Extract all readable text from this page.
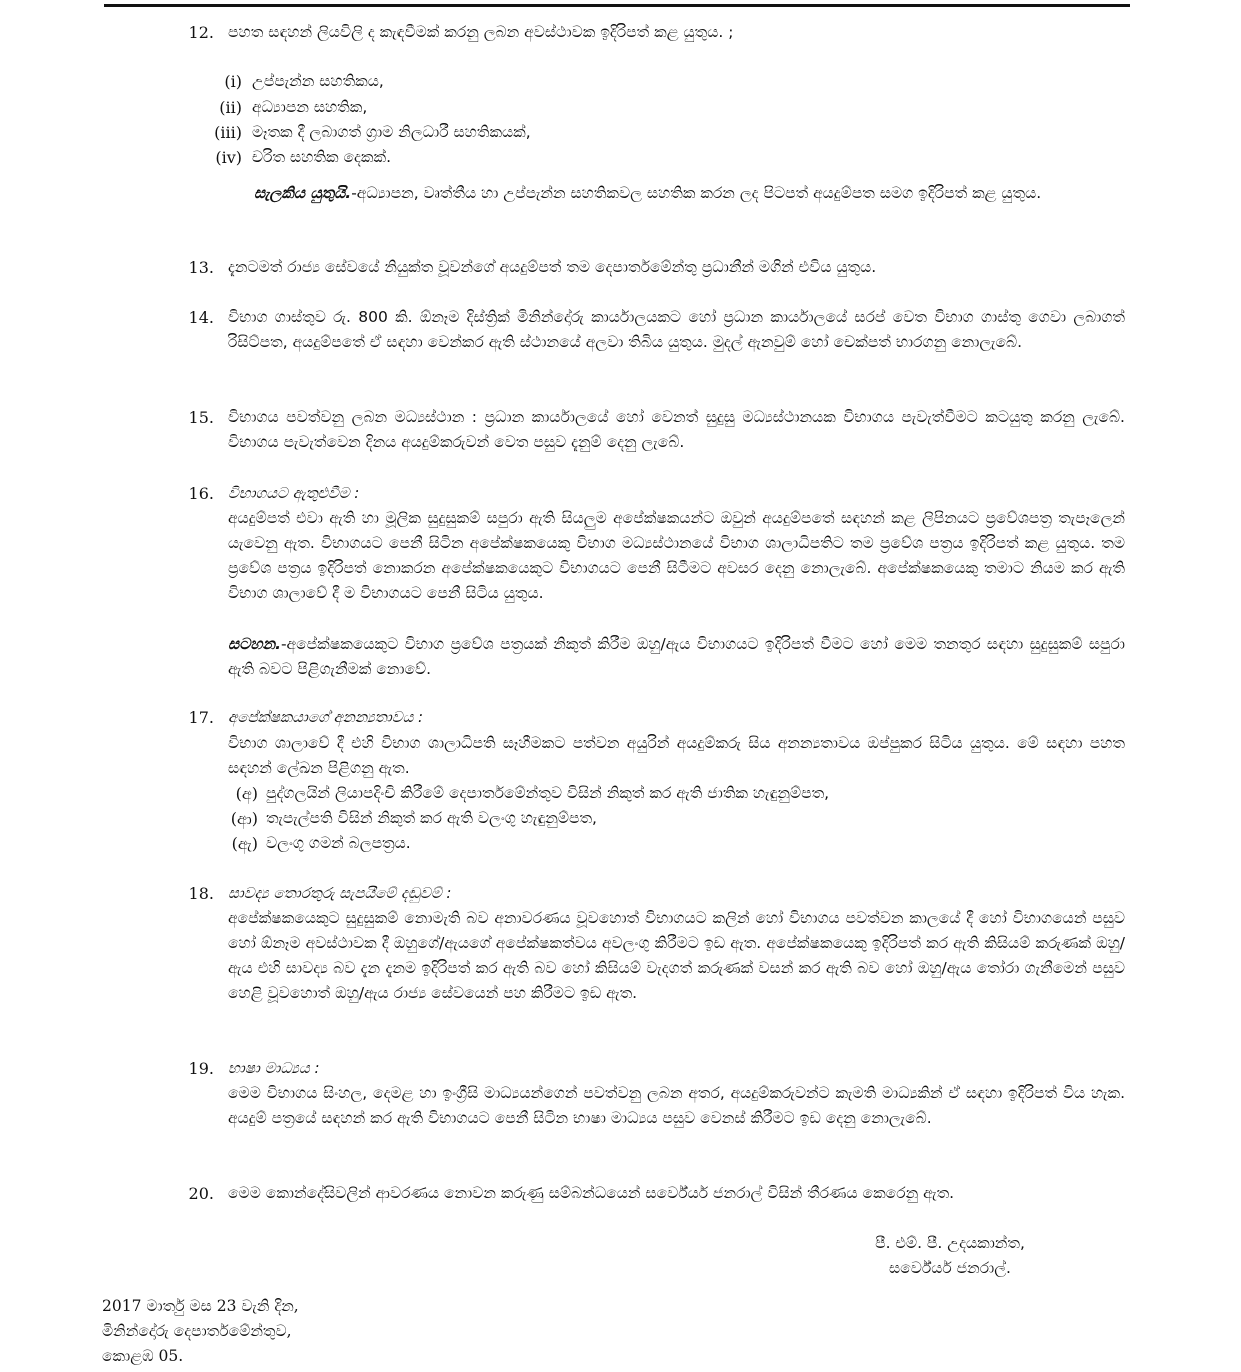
12. පහත සඳහන් ලියවිලි ද කැඳවීමක් කරනු ලබන අවස්ථාවක ඉදිරිපත් කළ යුතුය. ;
(i) උප්පැන්න සහතිකය,
(ii) අධ්‍යාපන සහතික,
(iii) මෑතක දී ලබාගත් ග්‍රාම නිලධාරී සහතිකයක්,
(iv) චරිත සහතික දෙකක්.
සැලකිය යුතුයි.-අධ්‍යාපන, වෘත්තීය හා උප්පැන්න සහතිකවල සහතික කරන ලද පිටපත් අයදුම්පත සමග ඉදිරිපත් කළ යුතුය.
13. දැනටමත් රාජ්‍ය සේවයේ නියුක්ත වූවන්ගේ අයදුම්පත් තම දෙපාර්තමේන්තු ප්‍රධානීන් මගින් එවිය යුතුය.
14. විභාග ගාස්තුව රු. 800 කි. ඕනෑම දිස්ත්‍රික් මිනින්දෝරු කාර්යාලයකට හෝ ප්‍රධාන කාර්යාලයේ සරප් වෙත විභාග ගාස්තු ගෙවා ලබාගත් රිසිට්පත, අයදුම්පතේ ඒ සඳහා වෙන්කර ඇති ස්ථානයේ අලවා තිබිය යුතුය. මුදල් ඇනවුම් හෝ චෙක්පත් භාරගනු නොලැබේ.
15. විභාගය පවත්වනු ලබන මධ්‍යස්ථාන : ප්‍රධාන කාර්යාලයේ හෝ වෙනත් සුදුසු මධ්‍යස්ථානයක විභාගය පැවැත්වීමට කටයුතු කරනු ලැබේ. විභාගය පැවැත්වෙන දිනය අයදුම්කරුවන් වෙත පසුව දැනුම් දෙනු ලැබේ.
16. විභාගයට ඇතුළුවීම :
අයදුම්පත් එවා ඇති හා මූලික සුදුසුකම් සපුරා ඇති සියලුම අපේක්ෂකයන්ට ඔවුන් අයදුම්පතේ සඳහන් කළ ලිපිනයට ප්‍රවේශපත්‍ර තැපෑලෙන් යැවෙනු ඇත. විභාගයට පෙනී සිටින අපේක්ෂකයෙකු විභාග මධ්‍යස්ථානයේ විභාග ශාලාධිපතිට තම ප්‍රවේශ පත්‍රය ඉදිරිපත් කළ යුතුය. තම ප්‍රවේශ පත්‍රය ඉදිරිපත් නොකරන අපේක්ෂකයෙකුට විභාගයට පෙනී සිටීමට අවසර දෙනු නොලැබේ. අපේක්ෂකයෙකු තමාට නියම කර ඇති විභාග ශාලාවේ දී ම විභාගයට පෙනී සිටිය යුතුය.
සටහන.-අපේක්ෂකයෙකුට විභාග ප්‍රවේශ පත්‍රයක් නිකුත් කිරීම ඔහු/ඇය විභාගයට ඉදිරිපත් වීමට හෝ මෙම තනතුර සඳහා සුදුසුකම් සපුරා ඇති බවට පිළිගැනීමක් නොවේ.
17. අපේක්ෂකයාගේ අනන්‍යතාවය :
විභාග ශාලාවේ දී එහි විභාග ශාලාධිපති සෑහීමකට පත්වන අයුරින් අයදුම්කරු සිය අනන්‍යතාවය ඔප්පුකර සිටිය යුතුය. මේ සඳහා පහත සඳහන් ලේඛන පිළිගනු ඇත.
(අ) පුද්ගලයින් ලියාපදිංචි කිරීමේ දෙපාර්තමේන්තුව විසින් නිකුත් කර ඇති ජාතික හැඳුනුම්පත,
(ආ) තැපැල්පති විසින් නිකුත් කර ඇති වලංගු හැඳුනුම්පත,
(ඇ) වලංගු ගමන් බලපත්‍රය.
18. සාවද්‍ය තොරතුරු සැපයීමේ දඬුවම් :
අපේක්ෂකයෙකුට සුදුසුකම් නොමැති බව අනාවරණය වූවහොත් විභාගයට කලින් හෝ විභාගය පවත්වන කාලයේ දී හෝ විභාගයෙන් පසුව හෝ ඕනෑම අවස්ථාවක දී ඔහුගේ/ඇයගේ අපේක්ෂකත්වය අවලංගු කිරීමට ඉඩ ඇත. අපේක්ෂකයෙකු ඉදිරිපත් කර ඇති කිසියම් කරුණක් ඔහු/ඇය එහි සාවද්‍ය බව දැන දැනම ඉදිරිපත් කර ඇති බව හෝ කිසියම් වැදගත් කරුණක් වසන් කර ඇති බව හෝ ඔහු/ඇය තෝරා ගැනීමෙන් පසුව හෙළි වූවහොත් ඔහු/ඇය රාජ්‍ය සේවයෙන් පහ කිරීමට ඉඩ ඇත.
19. භාෂා මාධ්‍යය :
මෙම විභාගය සිංහල, දෙමළ හා ඉංග්‍රීසි මාධ්‍යයන්ගෙන් පවත්වනු ලබන අතර, අයදුම්කරුවන්ට කැමති මාධ්‍යකින් ඒ සඳහා ඉදිරිපත් විය හැක. අයදුම් පත්‍රයේ සඳහන් කර ඇති විභාගයට පෙනී සිටින භාෂා මාධ්‍යය පසුව වෙනස් කිරීමට ඉඩ දෙනු නොලැබේ.
20. මෙම කොන්දේසිවලින් ආවරණය නොවන කරුණු සම්බන්ධයෙන් සර්වේයර් ජනරාල් විසින් තීරණය කෙරෙනු ඇත.
පී. එම්. පී. උදයකාන්ත,
සර්වේයර් ජනරාල්.
2017 මාර්තු මස 23 වැනි දින,
මිනින්දෝරු දෙපාර්තමේන්තුව,
කොළඹ 05.
